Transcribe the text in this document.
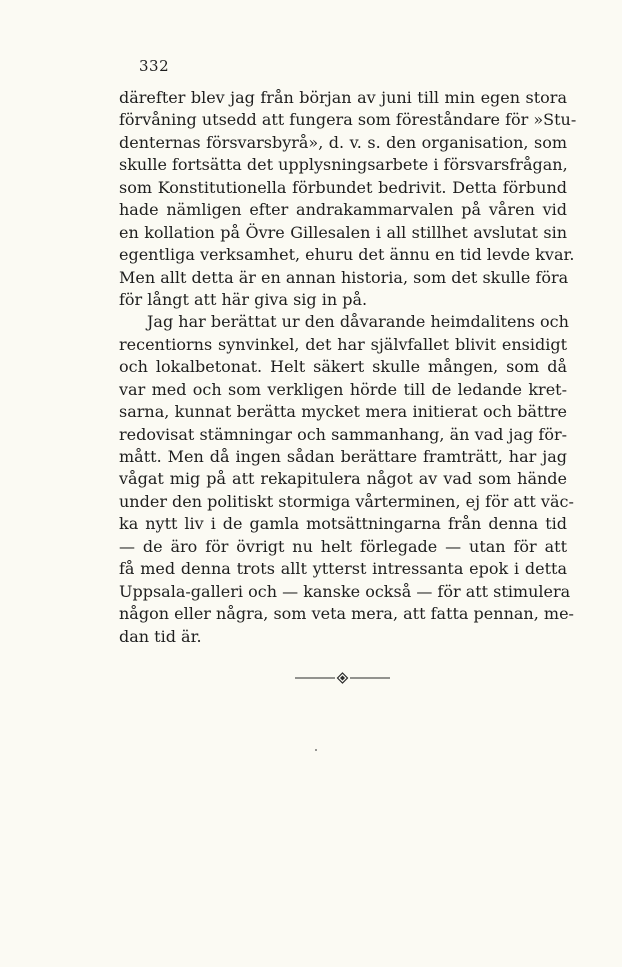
332
därefter blev jag från början av juni till min egen stora
förvåning utsedd att fungera som föreståndare för »Stu-
denternas försvarsbyrå», d. v. s. den organisation, som
skulle fortsätta det upplysningsarbete i försvarsfrågan,
som Konstitutionella förbundet bedrivit. Detta förbund
hade nämligen efter andrakammarvalen på våren vid
en kollation på Övre Gillesalen i all stillhet avslutat sin
egentliga verksamhet, ehuru det ännu en tid levde kvar.
Men allt detta är en annan historia, som det skulle föra
för långt att här giva sig in på.
Jag har berättat ur den dåvarande heimdalitens och
recentiorns synvinkel, det har självfallet blivit ensidigt
och lokalbetonat. Helt säkert skulle mången, som då
var med och som verkligen hörde till de ledande kret-
sarna, kunnat berätta mycket mera initierat och bättre
redovisat stämningar och sammanhang, än vad jag för-
mått. Men då ingen sådan berättare framträtt, har jag
vågat mig på att rekapitulera något av vad som hände
under den politiskt stormiga vårterminen, ej för att väc-
ka nytt liv i de gamla motsättningarna från denna tid
— de äro för övrigt nu helt förlegade — utan för att
få med denna trots allt ytterst intressanta epok i detta
Uppsala-galleri och — kanske också — för att stimulera
någon eller några, som veta mera, att fatta pennan, me-
dan tid är.
